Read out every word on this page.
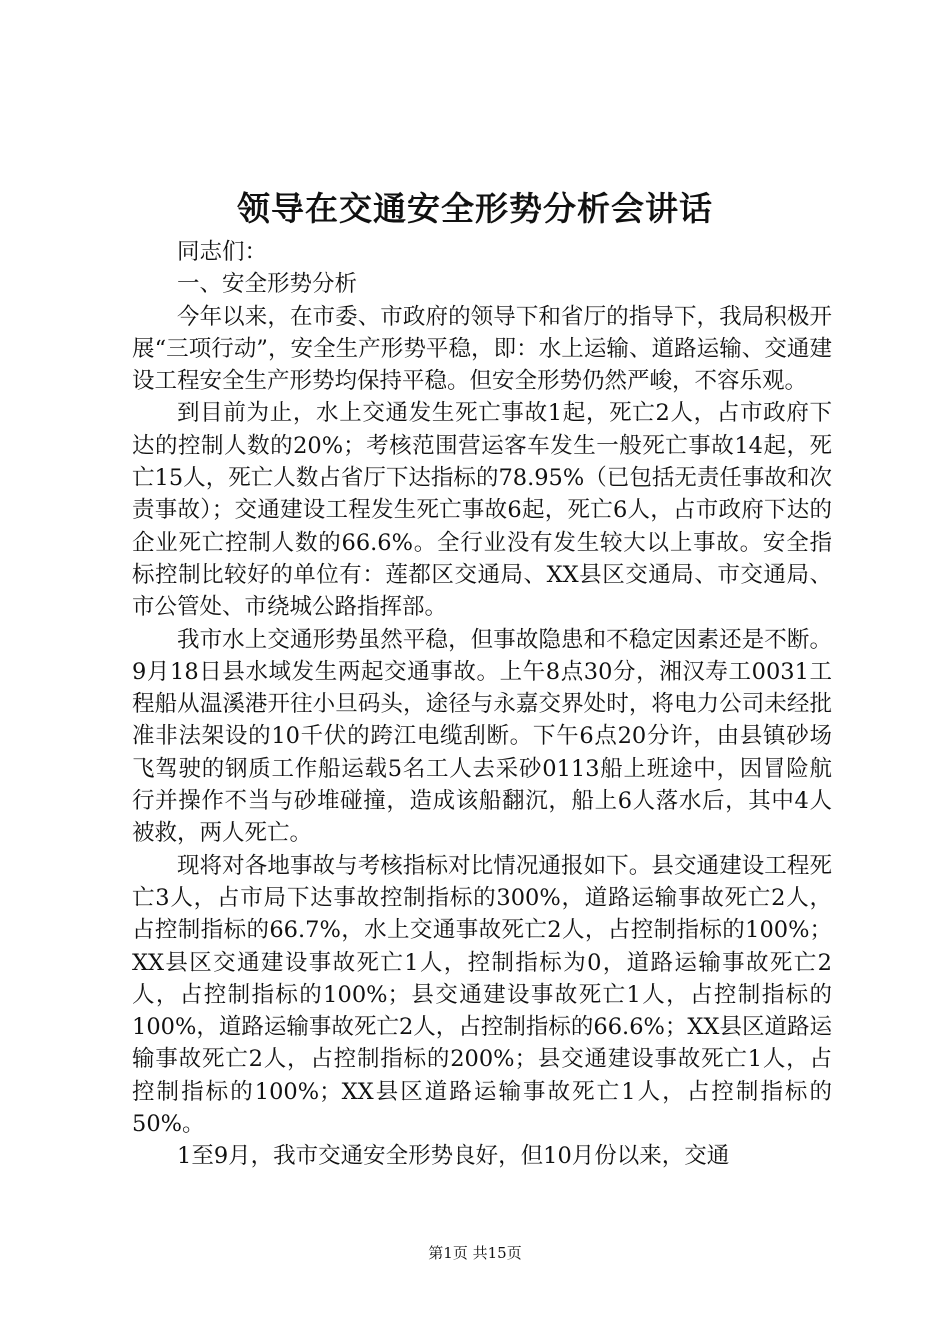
领导在交通安全形势分析会讲话

同志们：

一、安全形势分析

今年以来，在市委、市政府的领导下和省厅的指导下，我局积极开展“三项行动”，安全生产形势平稳，即：水上运输、道路运输、交通建设工程安全生产形势均保持平稳。但安全形势仍然严峻，不容乐观。

到目前为止，水上交通发生死亡事故1起，死亡2人，占市政府下达的控制人数的20%；考核范围营运客车发生一般死亡事故14起，死亡15人，死亡人数占省厅下达指标的78.95%（已包括无责任事故和次责事故）；交通建设工程发生死亡事故6起，死亡6人，占市政府下达的企业死亡控制人数的66.6%。全行业没有发生较大以上事故。安全指标控制比较好的单位有：莲都区交通局、XX县区交通局、市交通局、市公管处、市绕城公路指挥部。

我市水上交通形势虽然平稳，但事故隐患和不稳定因素还是不断。9月18日县水域发生两起交通事故。上午8点30分，湘汉寿工0031工程船从温溪港开往小旦码头，途径与永嘉交界处时，将电力公司未经批准非法架设的10千伏的跨江电缆刮断。下午6点20分许，由县镇砂场飞驾驶的钢质工作船运载5名工人去采砂0113船上班途中，因冒险航行并操作不当与砂堆碰撞，造成该船翻沉，船上6人落水后，其中4人被救，两人死亡。

现将对各地事故与考核指标对比情况通报如下。县交通建设工程死亡3人，占市局下达事故控制指标的300%，道路运输事故死亡2人，占控制指标的66.7%，水上交通事故死亡2人，占控制指标的100%；XX县区交通建设事故死亡1人，控制指标为0，道路运输事故死亡2人，占控制指标的100%；县交通建设事故死亡1人，占控制指标的100%，道路运输事故死亡2人，占控制指标的66.6%；XX县区道路运输事故死亡2人，占控制指标的200%；县交通建设事故死亡1人，占控制指标的100%；XX县区道路运输事故死亡1人，占控制指标的50%。

1至9月，我市交通安全形势良好，但10月份以来，交通

第1页 共15页
